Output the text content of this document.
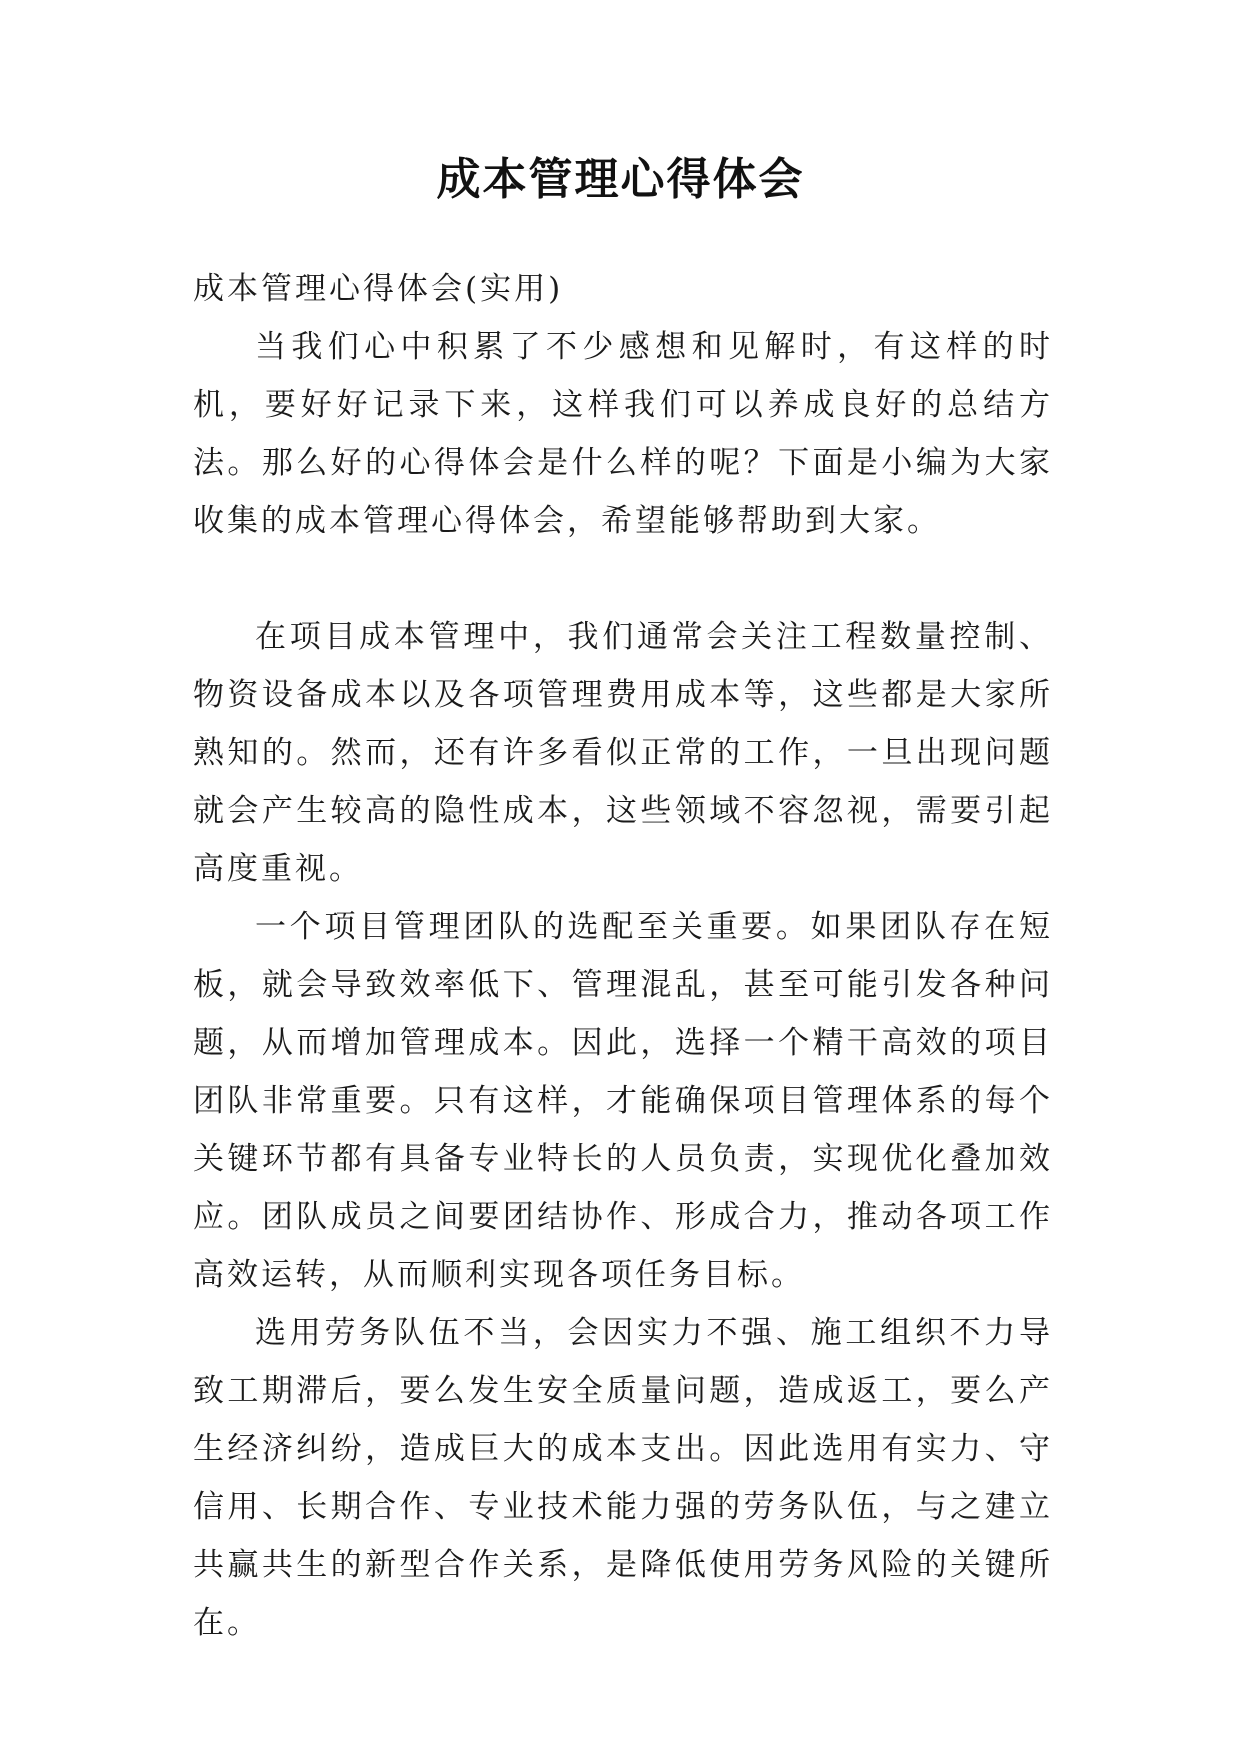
成本管理心得体会

成本管理心得体会(实用)

当我们心中积累了不少感想和见解时，有这样的时机，要好好记录下来，这样我们可以养成良好的总结方法。那么好的心得体会是什么样的呢？下面是小编为大家收集的成本管理心得体会，希望能够帮助到大家。

在项目成本管理中，我们通常会关注工程数量控制、物资设备成本以及各项管理费用成本等，这些都是大家所熟知的。然而，还有许多看似正常的工作，一旦出现问题就会产生较高的隐性成本，这些领域不容忽视，需要引起高度重视。

一个项目管理团队的选配至关重要。如果团队存在短板，就会导致效率低下、管理混乱，甚至可能引发各种问题，从而增加管理成本。因此，选择一个精干高效的项目团队非常重要。只有这样，才能确保项目管理体系的每个关键环节都有具备专业特长的人员负责，实现优化叠加效应。团队成员之间要团结协作、形成合力，推动各项工作高效运转，从而顺利实现各项任务目标。

选用劳务队伍不当，会因实力不强、施工组织不力导致工期滞后，要么发生安全质量问题，造成返工，要么产生经济纠纷，造成巨大的成本支出。因此选用有实力、守信用、长期合作、专业技术能力强的劳务队伍，与之建立共赢共生的新型合作关系，是降低使用劳务风险的关键所在。
